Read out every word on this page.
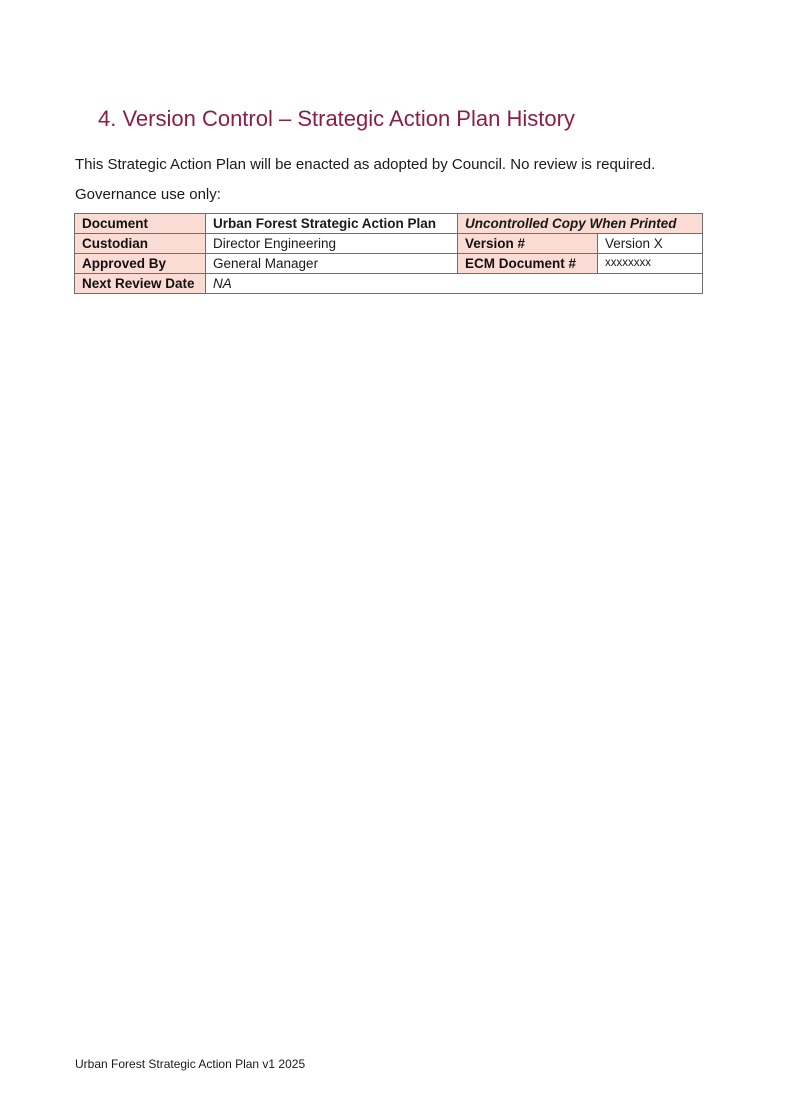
4. Version Control – Strategic Action Plan History

This Strategic Action Plan will be enacted as adopted by Council. No review is required.

Governance use only:

Document	Urban Forest Strategic Action Plan	Uncontrolled Copy When Printed	
Custodian	Director Engineering	Version #	Version X
Approved By	General Manager	ECM Document #	xxxxxxxx
Next Review Date	NA		

Urban Forest Strategic Action Plan v1 2025
